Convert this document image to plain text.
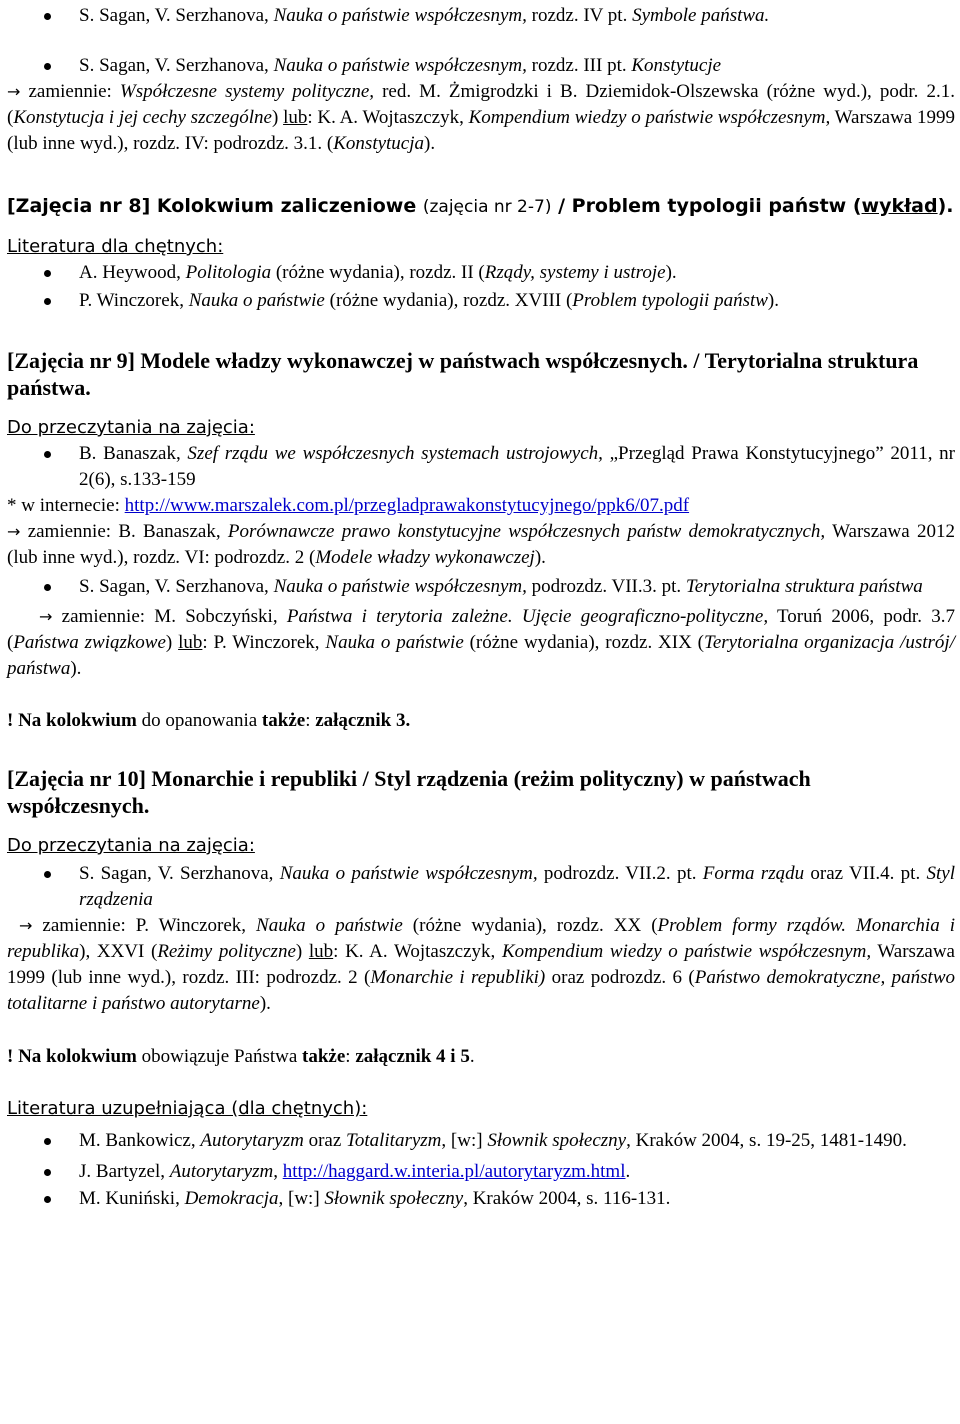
S. Sagan, V. Serzhanova, Nauka o państwie współczesnym, rozdz. IV pt. Symbole państwa.

S. Sagan, V. Serzhanova, Nauka o państwie współczesnym, rozdz. III pt. Konstytucje

→ zamiennie: Współczesne systemy polityczne, red. M. Żmigrodzki i B. Dziemidok-Olszewska (różne wyd.), podr. 2.1. (Konstytucja i jej cechy szczególne) lub: K. A. Wojtaszczyk, Kompendium wiedzy o państwie współczesnym, Warszawa 1999 (lub inne wyd.), rozdz. IV: podrozdz. 3.1. (Konstytucja).

[Zajęcia nr 8] Kolokwium zaliczeniowe (zajęcia nr 2-7) / Problem typologii państw (wykład).

Literatura dla chętnych:

A. Heywood, Politologia (różne wydania), rozdz. II (Rządy, systemy i ustroje).

P. Winczorek, Nauka o państwie (różne wydania), rozdz. XVIII (Problem typologii państw).

[Zajęcia nr 9] Modele władzy wykonawczej w państwach współczesnych. / Terytorialna struktura państwa.

Do przeczytania na zajęcia:

B. Banaszak, Szef rządu we współczesnych systemach ustrojowych, „Przegląd Prawa Konstytucyjnego” 2011, nr 2(6), s.133-159

* w internecie: http://www.marszalek.com.pl/przegladprawakonstytucyjnego/ppk6/07.pdf

→ zamiennie: B. Banaszak, Porównawcze prawo konstytucyjne współczesnych państw demokratycznych, Warszawa 2012 (lub inne wyd.), rozdz. VI: podrozdz. 2 (Modele władzy wykonawczej).

S. Sagan, V. Serzhanova, Nauka o państwie współczesnym, podrozdz. VII.3. pt. Terytorialna struktura państwa

→ zamiennie: M. Sobczyński, Państwa i terytoria zależne. Ujęcie geograficzno-polityczne, Toruń 2006, podr. 3.7 (Państwa związkowe) lub: P. Winczorek, Nauka o państwie (różne wydania), rozdz. XIX (Terytorialna organizacja /ustrój/ państwa).

! Na kolokwium do opanowania także: załącznik 3.

[Zajęcia nr 10] Monarchie i republiki / Styl rządzenia (reżim polityczny) w państwach współczesnych.

Do przeczytania na zajęcia:

S. Sagan, V. Serzhanova, Nauka o państwie współczesnym, podrozdz. VII.2. pt. Forma rządu oraz VII.4. pt. Styl rządzenia

→ zamiennie: P. Winczorek, Nauka o państwie (różne wydania), rozdz. XX (Problem formy rządów. Monarchia i republika), XXVI (Reżimy polityczne) lub: K. A. Wojtaszczyk, Kompendium wiedzy o państwie współczesnym, Warszawa 1999 (lub inne wyd.), rozdz. III: podrozdz. 2 (Monarchie i republiki) oraz podrozdz. 6 (Państwo demokratyczne, państwo totalitarne i państwo autorytarne).

! Na kolokwium obowiązuje Państwa także: załącznik 4 i 5.

Literatura uzupełniająca (dla chętnych):

M. Bankowicz, Autorytaryzm oraz Totalitaryzm, [w:] Słownik społeczny, Kraków 2004, s. 19-25, 1481-1490.

J. Bartyzel, Autorytaryzm, http://haggard.w.interia.pl/autorytaryzm.html.

M. Kuniński, Demokracja, [w:] Słownik społeczny, Kraków 2004, s. 116-131.
